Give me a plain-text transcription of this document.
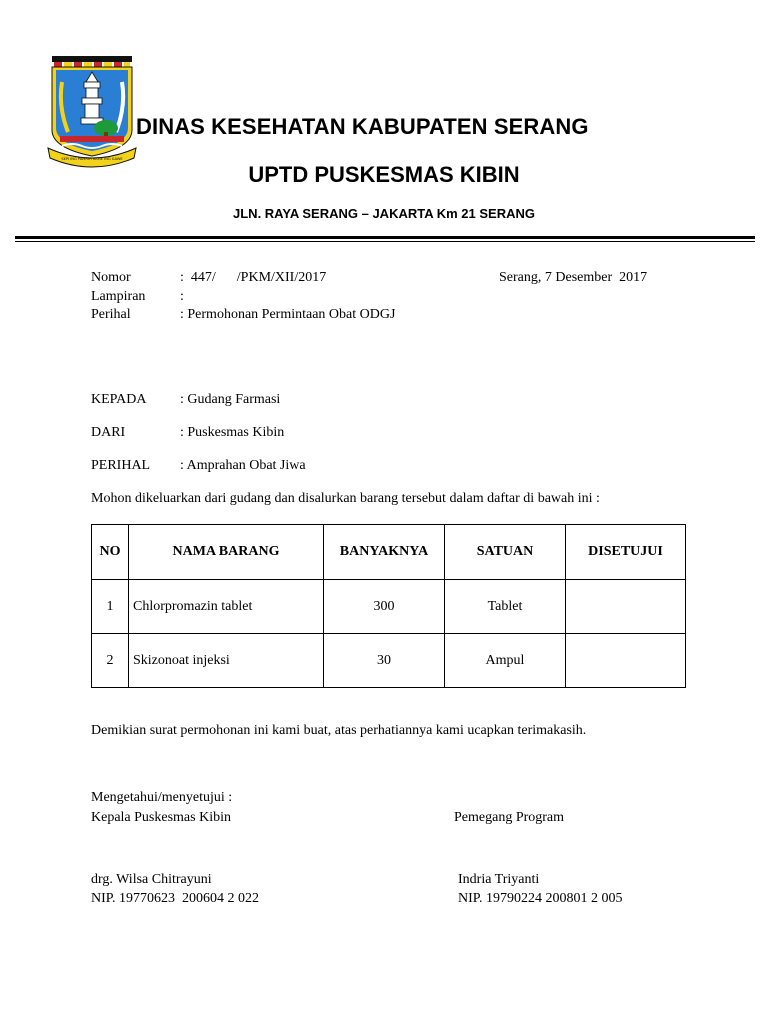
SEPI ING PAMRIH RAME ING GAWE
DINAS KESEHATAN KABUPATEN SERANG
UPTD PUSKESMAS KIBIN
JLN. RAYA SERANG – JAKARTA Km 21 SERANG
Nomor	:  447/      /PKM/XII/2017	Serang, 7 Desember  2017
Lampiran :
Perihal	: Permohonan Permintaan Obat ODGJ
KEPADA : Gudang Farmasi
DARI	: Puskesmas Kibin
PERIHAL : Amprahan Obat Jiwa
Mohon dikeluarkan dari gudang dan disalurkan barang tersebut dalam daftar di bawah ini :
NO	NAMA BARANG	BANYAKNYA	SATUAN	DISETUJUI
1	Chlorpromazin tablet	300	Tablet	
2	Skizonoat injeksi	30	Ampul	
Demikian surat permohonan ini kami buat, atas perhatiannya kami ucapkan terimakasih.
Mengetahui/menyetujui :
Kepala Puskesmas Kibin	Pemegang Program
drg. Wilsa Chitrayuni	Indria Triyanti
NIP. 19770623  200604 2 022	NIP. 19790224 200801 2 005
